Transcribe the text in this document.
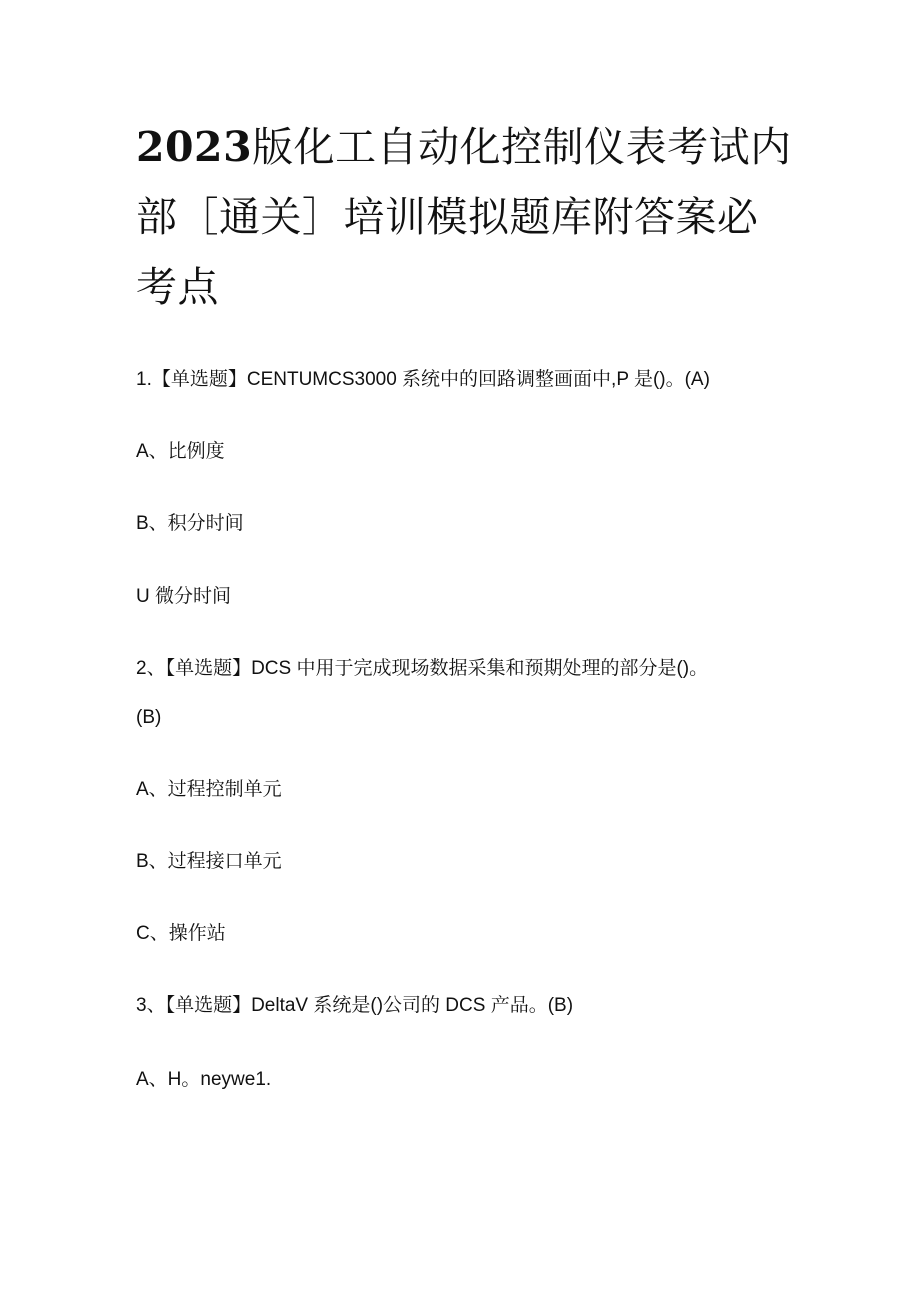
2023版化工自动化控制仪表考试内部［通关］培训模拟题库附答案必考点
1.【单选题】CENTUMCS3000 系统中的回路调整画面中,P 是()。(A)
A、比例度
B、积分时间
U 微分时间
2、【单选题】DCS 中用于完成现场数据采集和预期处理的部分是()。
(B)
A、过程控制单元
B、过程接口单元
C、操作站
3、【单选题】DeltaV 系统是()公司的 DCS 产品。(B)
A、H。neywe1.
